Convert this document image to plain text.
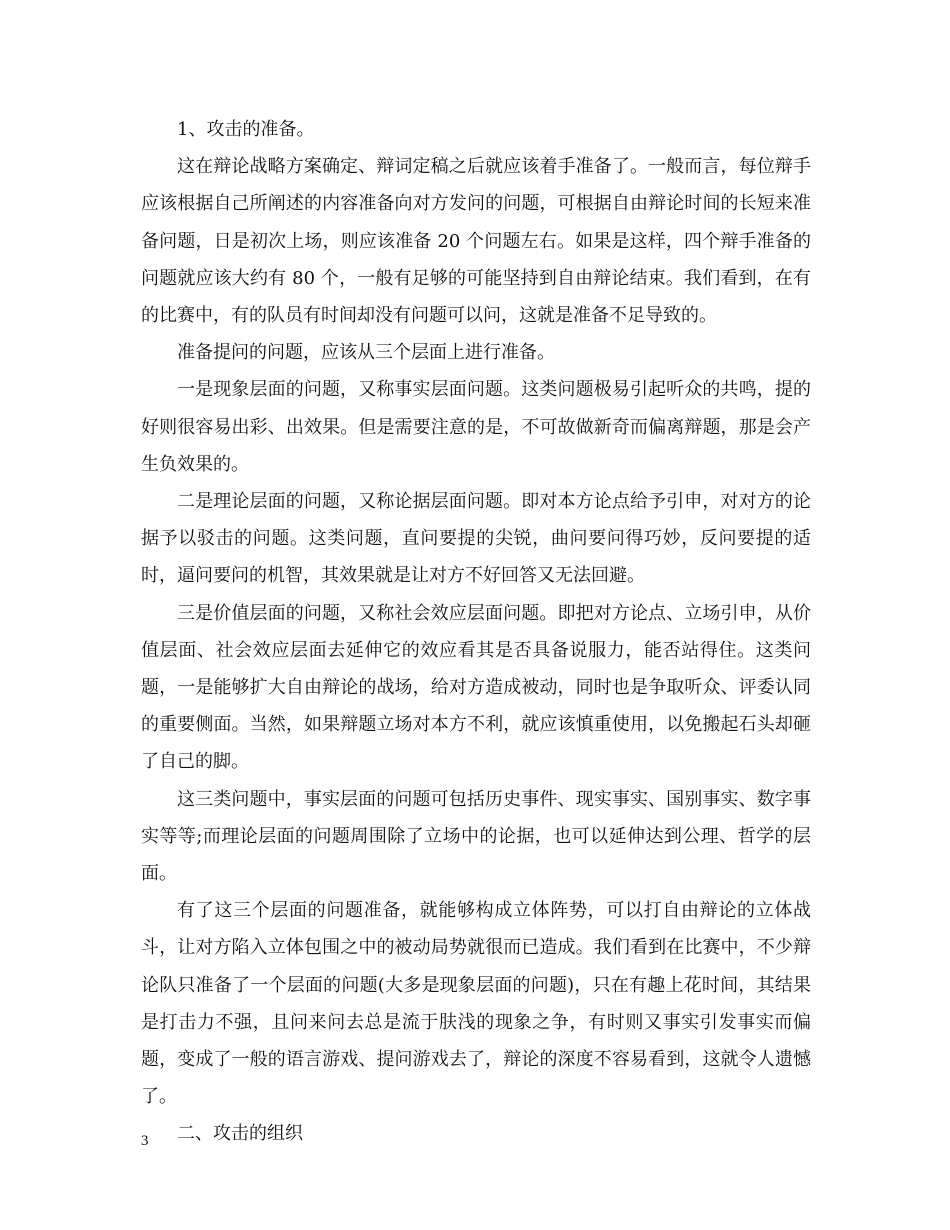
1、攻击的准备。

这在辩论战略方案确定、辩词定稿之后就应该着手准备了。一般而言，每位辩手应该根据自己所阐述的内容准备向对方发问的问题，可根据自由辩论时间的长短来准备问题，日是初次上场，则应该准备 20 个问题左右。如果是这样，四个辩手准备的问题就应该大约有 80 个，一般有足够的可能坚持到自由辩论结束。我们看到，在有的比赛中，有的队员有时间却没有问题可以问，这就是准备不足导致的。

准备提问的问题，应该从三个层面上进行准备。

一是现象层面的问题，又称事实层面问题。这类问题极易引起听众的共鸣，提的好则很容易出彩、出效果。但是需要注意的是，不可故做新奇而偏离辩题，那是会产生负效果的。

二是理论层面的问题，又称论据层面问题。即对本方论点给予引申，对对方的论据予以驳击的问题。这类问题，直问要提的尖锐，曲问要问得巧妙，反问要提的适时，逼问要问的机智，其效果就是让对方不好回答又无法回避。

三是价值层面的问题，又称社会效应层面问题。即把对方论点、立场引申，从价值层面、社会效应层面去延伸它的效应看其是否具备说服力，能否站得住。这类问题，一是能够扩大自由辩论的战场，给对方造成被动，同时也是争取听众、评委认同的重要侧面。当然，如果辩题立场对本方不利，就应该慎重使用，以免搬起石头却砸了自己的脚。

这三类问题中，事实层面的问题可包括历史事件、现实事实、国别事实、数字事实等等;而理论层面的问题周围除了立场中的论据，也可以延伸达到公理、哲学的层面。

有了这三个层面的问题准备，就能够构成立体阵势，可以打自由辩论的立体战斗，让对方陷入立体包围之中的被动局势就很而已造成。我们看到在比赛中，不少辩论队只准备了一个层面的问题(大多是现象层面的问题)，只在有趣上花时间，其结果是打击力不强，且问来问去总是流于肤浅的现象之争，有时则又事实引发事实而偏题，变成了一般的语言游戏、提问游戏去了，辩论的深度不容易看到，这就令人遗憾了。

二、攻击的组织

3
